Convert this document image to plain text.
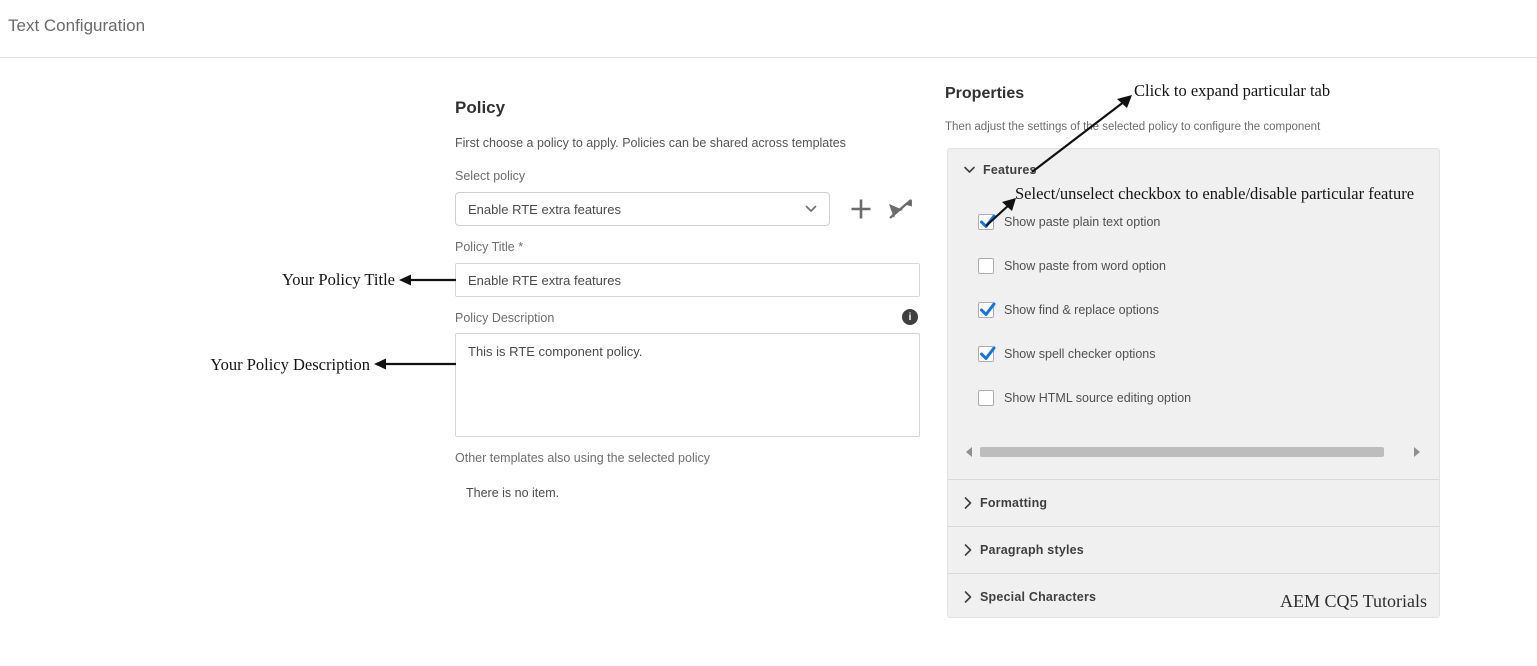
Text Configuration
Policy
First choose a policy to apply. Policies can be shared across templates
Select policy
Enable RTE extra features
Policy Title *
Enable RTE extra features
Policy Description	i
This is RTE component policy.
Other templates also using the selected policy
There is no item.
Properties
Then adjust the settings of the selected policy to configure the component
Features
Show paste plain text option
Show paste from word option
Show find & replace options
Show spell checker options
Show HTML source editing option
Formatting
Paragraph styles
Special Characters
Your Policy Title
Your Policy Description
Click to expand particular tab
Select/unselect checkbox to enable/disable particular feature
AEM CQ5 Tutorials
